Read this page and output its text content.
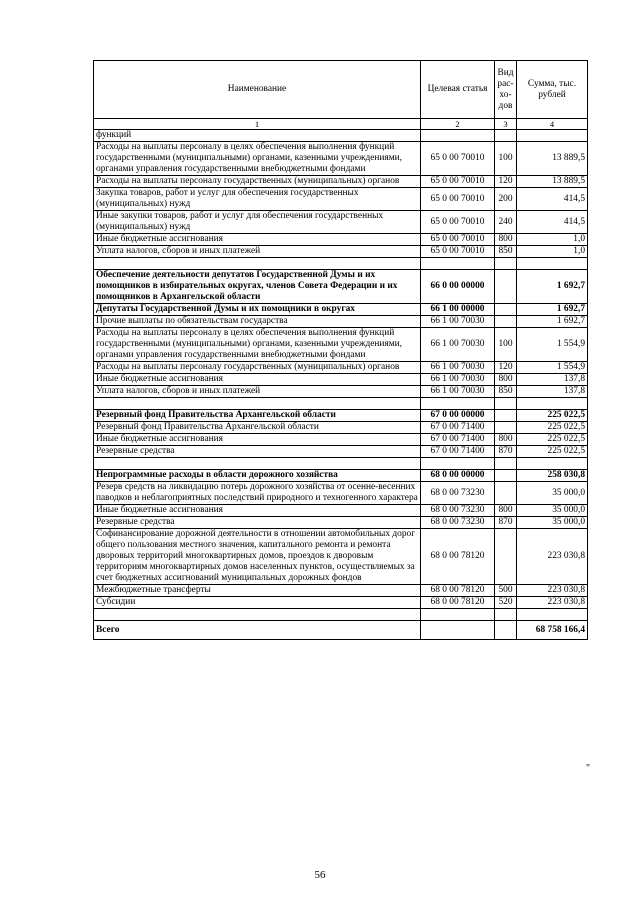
Наименование	Целевая статья	Вид рас-хо-дов	Сумма, тыс. рублей
1	2	3	4
функций			
Расходы на выплаты персоналу в целях обеспечения выполнения функций государственными (муниципальными) органами, казенными учреждениями, органами управления государственными внебюджетными фондами	65 0 00 70010	100	13 889,5
Расходы на выплаты персоналу государственных (муниципальных) органов	65 0 00 70010	120	13 889,5
Закупка товаров, работ и услуг для обеспечения государственных (муниципальных) нужд	65 0 00 70010	200	414,5
Иные закупки товаров, работ и услуг для обеспечения государственных (муниципальных) нужд	65 0 00 70010	240	414,5
Иные бюджетные ассигнования	65 0 00 70010	800	1,0
Уплата налогов, сборов и иных платежей	65 0 00 70010	850	1,0

Обеспечение деятельности депутатов Государственной Думы и их помощников в избирательных округах, членов Совета Федерации и их помощников в Архангельской области	66 0 00 00000		1 692,7
Депутаты Государственной Думы и их помощники в округах	66 1 00 00000		1 692,7
Прочие выплаты по обязательствам государства	66 1 00 70030		1 692,7
Расходы на выплаты персоналу в целях обеспечения выполнения функций государственными (муниципальными) органами, казенными учреждениями, органами управления государственными внебюджетными фондами	66 1 00 70030	100	1 554,9
Расходы на выплаты персоналу государственных (муниципальных) органов	66 1 00 70030	120	1 554,9
Иные бюджетные ассигнования	66 1 00 70030	800	137,8
Уплата налогов, сборов и иных платежей	66 1 00 70030	850	137,8

Резервный фонд Правительства Архангельской области	67 0 00 00000		225 022,5
Резервный фонд Правительства Архангельской области	67 0 00 71400		225 022,5
Иные бюджетные ассигнования	67 0 00 71400	800	225 022,5
Резервные средства	67 0 00 71400	870	225 022,5

Непрограммные расходы в области дорожного хозяйства	68 0 00 00000		258 030,8
Резерв средств на ликвидацию потерь дорожного хозяйства от осенне-весенних паводков и неблагоприятных последствий природного и техногенного характера	68 0 00 73230		35 000,0
Иные бюджетные ассигнования	68 0 00 73230	800	35 000,0
Резервные средства	68 0 00 73230	870	35 000,0
Софинансирование дорожной деятельности в отношении автомобильных дорог общего пользования местного значения, капитального ремонта и ремонта дворовых территорий многоквартирных домов, проездов к дворовым территориям многоквартирных домов населенных пунктов, осуществляемых за счет бюджетных ассигнований муниципальных дорожных фондов	68 0 00 78120		223 030,8
Межбюджетные трансферты	68 0 00 78120	500	223 030,8
Субсидии	68 0 00 78120	520	223 030,8

Всего			68 758 166,4
"
56
